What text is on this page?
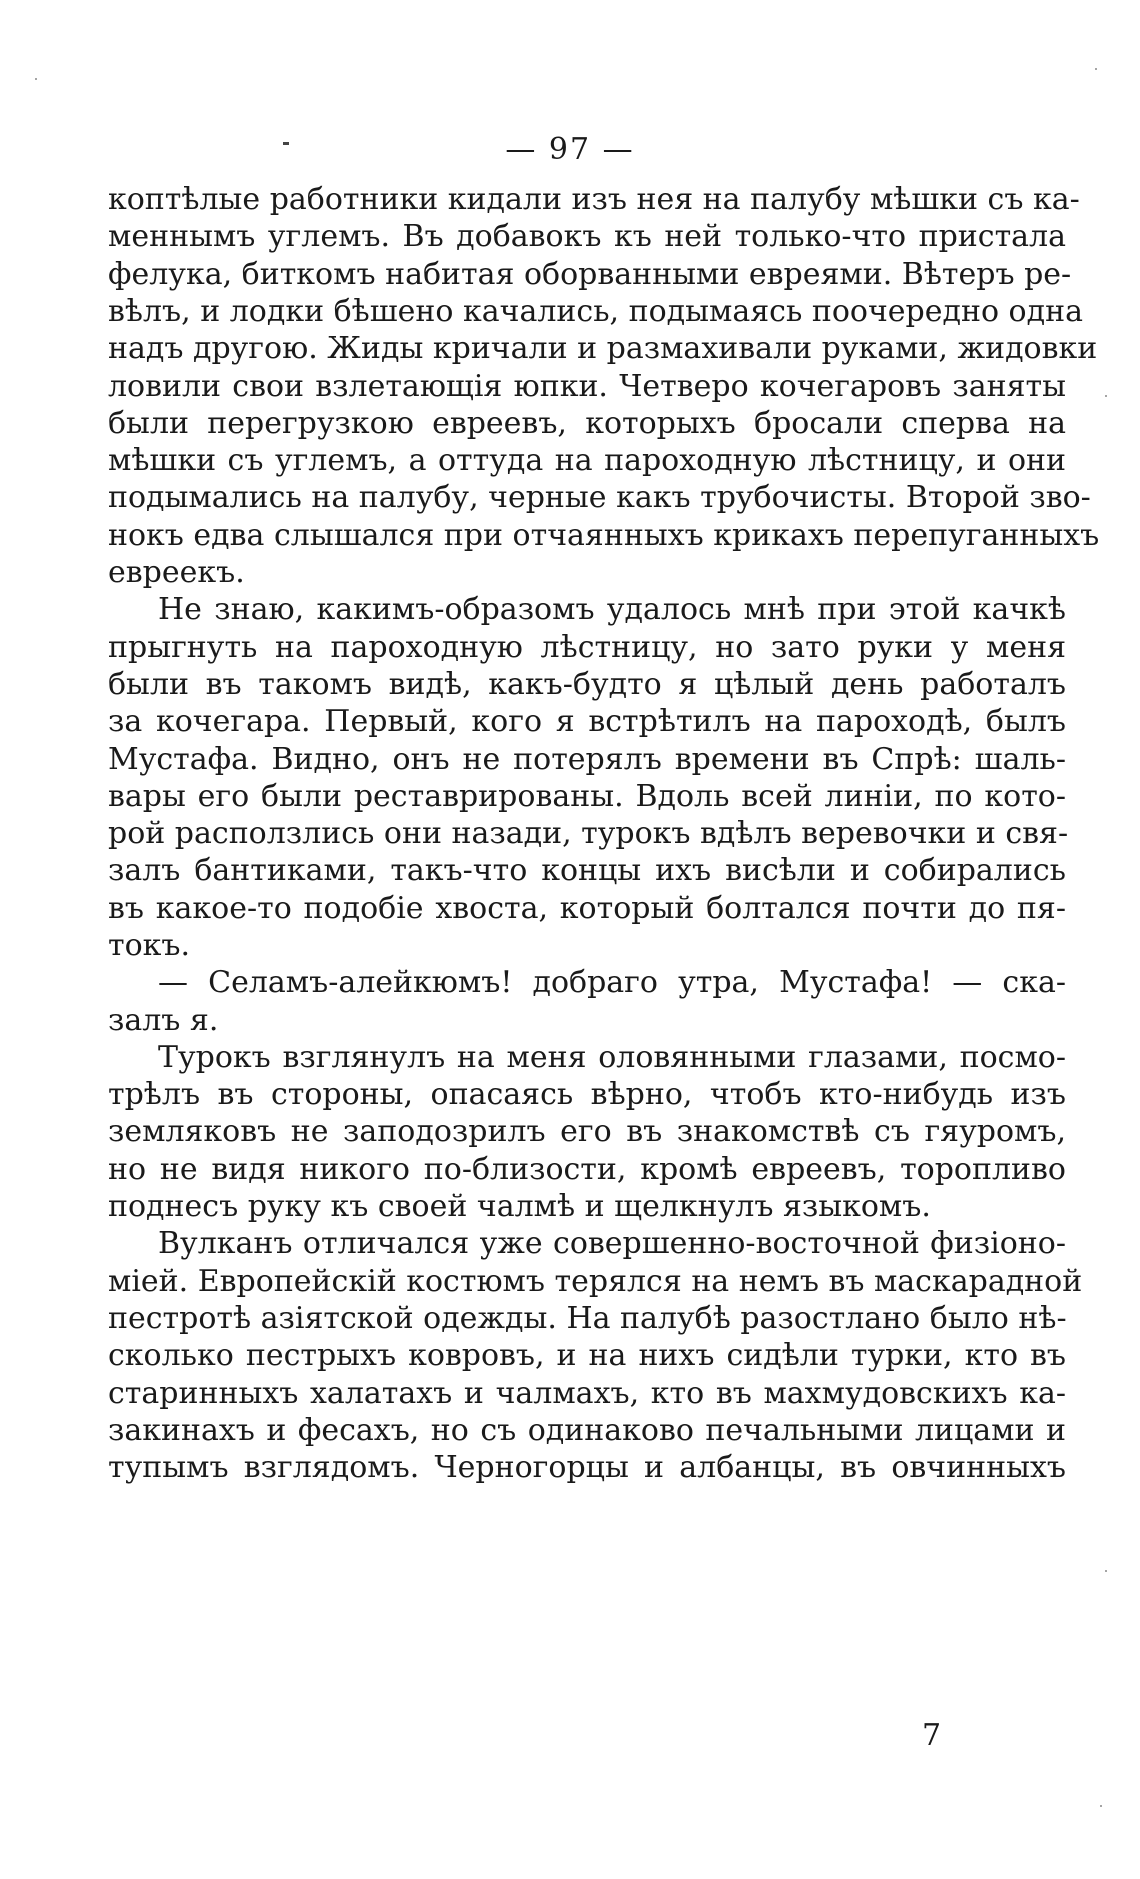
— 97 —
коптѣлые работники кидали изъ нея на палубу мѣшки съ ка-
меннымъ углемъ. Въ добавокъ къ ней только-что пристала
фелука, биткомъ набитая оборванными евреями. Вѣтеръ ре-
вѣлъ, и лодки бѣшено качались, подымаясь поочередно одна
надъ другою. Жиды кричали и размахивали руками, жидовки
ловили свои взлетающія юпки. Четверо кочегаровъ заняты
были перегрузкою евреевъ, которыхъ бросали сперва на
мѣшки съ углемъ, а оттуда на пароходную лѣстницу, и они
подымались на палубу, черные какъ трубочисты. Второй зво-
нокъ едва слышался при отчаянныхъ крикахъ перепуганныхъ
евреекъ.
Не знаю, какимъ-образомъ удалось мнѣ при этой качкѣ
прыгнуть на пароходную лѣстницу, но зато руки у меня
были въ такомъ видѣ, какъ-будто я цѣлый день работалъ
за кочегара. Первый, кого я встрѣтилъ на пароходѣ, былъ
Мустафа. Видно, онъ не потерялъ времени въ Спрѣ: шаль-
вары его были реставрированы. Вдоль всей линіи, по кото-
рой расползлись они назади, турокъ вдѣлъ веревочки и свя-
залъ бантиками, такъ-что концы ихъ висѣли и собирались
въ какое-то подобіе хвоста, который болтался почти до пя-
токъ.
— Селамъ-алейкюмъ! добраго утра, Мустафа! — ска-
залъ я.
Турокъ взглянулъ на меня оловянными глазами, посмо-
трѣлъ въ стороны, опасаясь вѣрно, чтобъ кто-нибудь изъ
земляковъ не заподозрилъ его въ знакомствѣ съ гяуромъ,
но не видя никого по-близости, кромѣ евреевъ, торопливо
поднесъ руку къ своей чалмѣ и щелкнулъ языкомъ.
Вулканъ отличался уже совершенно-восточной физіоно-
міей. Европейскій костюмъ терялся на немъ въ маскарадной
пестротѣ азіятской одежды. На палубѣ разостлано было нѣ-
сколько пестрыхъ ковровъ, и на нихъ сидѣли турки, кто въ
старинныхъ халатахъ и чалмахъ, кто въ махмудовскихъ ка-
закинахъ и фесахъ, но съ одинаково печальными лицами и
тупымъ взглядомъ. Черногорцы и албанцы, въ овчинныхъ
7
